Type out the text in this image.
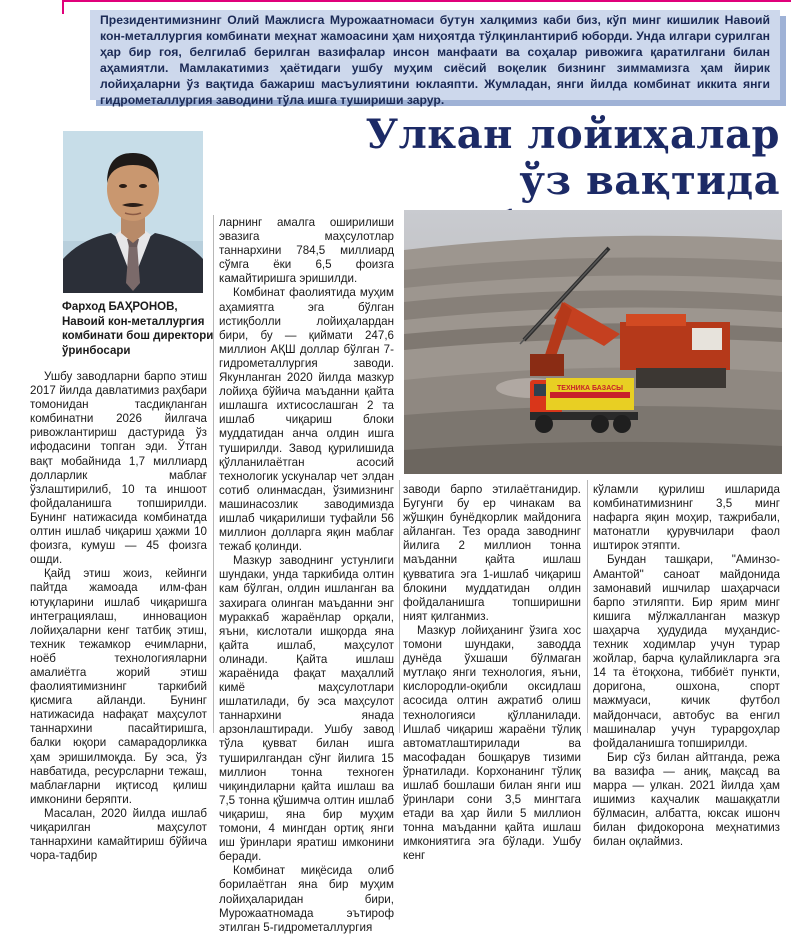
Президентимизнинг Олий Мажлисга Мурожаатномаси бутун халқимиз каби биз, кўп минг кишилик Навоий кон-металлургия комбинати меҳнат жамоасини ҳам ниҳоятда тўлқинлантириб юборди. Унда илгари сурилган ҳар бир гоя, белгилаб берилган вазифалар инсон манфаати ва соҳалар ривожига қаратилгани билан аҳамиятли. Мамлакатимиз ҳаётидаги ушбу муҳим сиёсий воқелик бизнинг зиммамизга ҳам йирик лойиҳаларни ўз вақтида бажариш масъулиятини юклаяпти. Жумладан, янги йилда комбинат иккита янги гидрометаллургия заводини тўла ишга тушириши зарур.

Улкан лойиҳалар
ўз вақтида

Фарход БАҲРОНОВ,
Навоий кон-металлургия комбинати бош директори ўринбосари

Ушбу заводларни барпо этиш 2017 йилда давлатимиз раҳбари томонидан тасдиқланган комбинатни 2026 йилгача ривожлантириш дастурида ўз ифодасини топган эди. Ўтган вақт мобайнида 1,7 миллиард долларлик маблағ ўзлаштирилиб, 10 та иншоот фойдаланишга топширилди. Бунинг натижасида комбинатда олтин ишлаб чиқариш ҳажми 10 фоизга, кумуш — 45 фоизга ошди.

Қайд этиш жоиз, кейинги пайтда жамоада илм-фан ютуқларини ишлаб чиқаришга интеграциялаш, инновацион лойиҳаларни кенг татбиқ этиш, техник тежамкор ечимларни, ноёб технологияларни амалиётга жорий этиш фаолиятимизнинг таркибий қисмига айланди. Бунинг натижасида нафақат маҳсулот таннархини пасайтиришга, балки юқори самарадорликка ҳам эришилмоқда. Бу эса, ўз навбатида, ресурсларни тежаш, маблағларни иқтисод қилиш имконини беряпти.

Масалан, 2020 йилда ишлаб чиқарилган маҳсулот таннархини камайтириш бўйича чора-тадбир

ларнинг амалга оширилиши эвазига маҳсулотлар таннархини 784,5 миллиард сўмга ёки 6,5 фоизга камайтиришга эришилди.

Комбинат фаолиятида муҳим аҳамиятга эга бўлган истиқболли лойиҳалардан бири, бу — қиймати 247,6 миллион АҚШ доллар бўлган 7-гидрометаллургия заводи. Якунланган 2020 йилда мазкур лойиҳа бўйича маъданни қайта ишлашга ихтисослашган 2 та ишлаб чиқариш блоки муддатидан анча олдин ишга туширилди. Завод қурилишида қўлланилаётган асосий технологик ускуналар чет элдан сотиб олинмасдан, ўзимизнинг машинасозлик заводимизда ишлаб чиқарилиши туфайли 56 миллион долларга яқин маблағ тежаб қолинди.

Мазкур заводнинг устунлиги шундаки, унда таркибида олтин кам бўлган, олдин ишланган ва захирага олинган маъданни энг мураккаб жараёнлар орқали, яъни, кислотали ишқорда яна қайта ишлаб, маҳсулот олинади. Қайта ишлаш жараёнида фақат маҳаллий кимё маҳсулотлари ишлатилади, бу эса маҳсулот таннархини янада арзонлаштиради. Ушбу завод тўла қувват билан ишга туширилгандан сўнг йилига 15 миллион тонна техноген чиқиндиларни қайта ишлаш ва 7,5 тонна қўшимча олтин ишлаб чиқариш, яна бир муҳим томони, 4 мингдан ортиқ янги иш ўринлари яратиш имконини беради.

Комбинат миқёсида олиб борилаётган яна бир муҳим лойиҳаларидан бири, Мурожаатномада эътироф этилган 5-гидрометаллургия

ТЕХНИКА БАЗАСЫ

заводи барпо этилаётганидир. Бугунги бу ер чинакам ва жўшқин бунёдкорлик майдонига айланган. Тез орада заводнинг йилига 2 миллион тонна маъданни қайта ишлаш қувватига эга 1-ишлаб чиқариш блокини муддатидан олдин фойдаланишга топширишни ният қилганмиз.

Мазкур лойиҳанинг ўзига хос томони шундаки, заводда дунёда ўхшаши бўлмаган мутлақо янги технология, яъни, кислородли-оқибли оксидлаш асосида олтин ажратиб олиш технологияси қўлланилади. Ишлаб чиқариш жараёни тўлиқ автоматлаштирилади ва масофадан бошқарув тизими ўрнатилади. Корхонанинг тўлиқ ишлаб бошлаши билан янги иш ўринлари сони 3,5 мингтага етади ва ҳар йили 5 миллион тонна маъданни қайта ишлаш имкониятига эга бўлади. Ушбу кенг

кўламли қурилиш ишларида комбинатимизнинг 3,5 минг нафарга яқин моҳир, тажрибали, матонатли қурувчилари фаол иштирок этяпти.

Бундан ташқари, "Аминзо-Амантой" саноат майдонида замонавий ишчилар шаҳарчаси барпо этиляпти. Бир ярим минг кишига мўлжалланган мазкур шаҳарча ҳудудида муҳандис-техник ходимлар учун турар жойлар, барча қулайликларга эга 14 та ётоқхона, тиббиёт пункти, доригона, ошхона, спорт мажмуаси, кичик футбол майдончаси, автобус ва енгил машиналар учун турарgoҳлар фойдаланишга топширилди.

Бир сўз билан айтганда, режа ва вазифа — аниқ, мақсад ва марра — улкан. 2021 йилда ҳам ишимиз каҳчалик машаққатли бўлмасин, албатта, юксак ишонч билан фидокорона меҳнатимиз билан оқлаймиз.
